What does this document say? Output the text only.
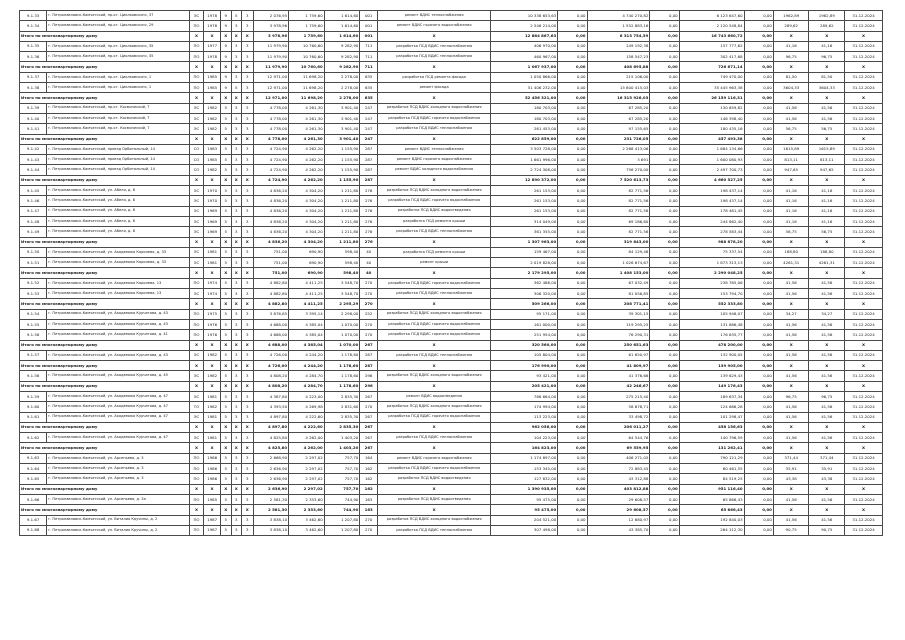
9.1.33	г. Петропавловск-Камчатский, пр-кт. Циолковского, 37	ЭС	1978	9	5	3	2 076,95	1 759,60	1 614,60	001	ремонт ВДИС теплоснабжения	10 338 653,63	0,00	4 740 270,82	0,00	6 123 647,60	0,00	1962,89	1962,89	31.12.2024
9.1.34	г. Петропавловск-Камчатский, пр-кт. Циолковского, 29	ПО	1978	9	3	3	3 978,96	1 759,60	1 614,60	001	ремонт ВДИС горячего водоснабжения	2 546 214,00	0,00	1 552 883,16	0,00	2 120 548,84	0,00	289,62	289,62	31.12.2024
Итого по многоквартирному дому		Х	Х	Х	Х	Х	3 978,96	1 759,60	1 614,60	001	Х	12 884 867,63	0,00	6 313 754,59	0,00	16 743 660,72	0,00	Х	Х	Х
9.1.35	г. Петропавловск-Камчатский, пр-кт. Циолковского, 35	ПО	1977	9	3	3	11 979,90	10 760,60	9 282,90	711	разработка ПСД ВДИС теплоснабжения	406 970,00	0,00	249 192,38	0,00	157 777,62	0,00	41,16	41,16	31.12.2024
9.1.36	г. Петропавловск-Камчатский, пр-кт. Циолковского, 35	ПО	1978	9	3	3	11 979,90	10 760,60	9 282,90	711	разработка ПСД ВДИС теплоснабжения	460 967,00	0,00	158 547,23	0,00	302 417,68	0,00	96,75	96,75	31.12.2024
Итого по многоквартирному дому		Х	Х	Х	Х	Х	11 979,90	10 760,60	9 282,90	711	Х	1 067 937,00	0,00	408 695,88	0,00	726 671,14	0,00	Х	Х	Х
9.1.37	г. Петропавловск-Камчатский, пр-кт. Циолковского, 1	ПО	1985	9	3	3	12 971,00	11 698,20	2 278,00	635	разработка ПСД ремонта фасада	1 050 866,00	0,00	215 106,00	0,00	749 470,00	0,00	81,50	81,50	31.12.2024
9.1.38	г. Петропавловск-Камчатский, пр-кт. Циолковского, 1	ПО	1985	9	5	3	12 971,00	11 698,20	2 278,00	635	ремонт фасада	51 406 232,00	0,00	15 800 415,03	0,00	35 445 963,38	0,00	3604,33	3604,33	31.12.2024
Итого по многоквартирному дому		Х	Х	Х	Х	Х	12 971,00	11 698,20	2 278,00	635	Х	52 456 321,00	0,00	16 315 926,03	0,00	26 159 116,31	0,00	Х	Х	Х
9.1.39	г. Петропавловск-Камчатский, пр-кт. Космический, 7	ЭС	1982	5	3	3	4 778,00	4 261,30	3 901,40	247	разработка ПСД ВДИС холодного водоснабжения	180 703,00	0,00	67 285,20	0,00	130 659,82	0,00	41,56	41,56	31.12.2024
9.1.40	г. Петропавловск-Камчатский, пр-кт. Космический, 7	ЭС	1982	5	3	3	4 778,00	4 261,30	3 901,40	247	разработка ПСД ВДИС горячего водоснабжения	180 703,00	0,00	67 285,20	0,00	146 398,40	0,00	41,56	41,56	31.12.2024
9.1.41	г. Петропавловск-Камчатский, пр-кт. Космический, 7	ЭС	1982	5	3	3	4 778,00	4 261,30	3 901,40	247	разработка ПСД ВДИС теплоснабжения	261 453,00	0,00	97 155,65	0,00	180 435,16	0,00	56,75	56,75	31.12.2024
Итого по многоквартирному дому		Х	Х	Х	Х	Х	4 778,00	4 261,30	3 901,40	247	Х	622 859,00	0,00	231 726,05	0,00	457 493,38	0,00	Х	Х	Х
9.1.42	г. Петропавловск-Камчатский, проезд Орбитальный, 14	СО	1983	5	3	3	4 724,90	4 262,20	1 155,90	287	ремонт ВДИС теплоснабжения	3 503 728,00	0,00	2 268 413,06	0,00	1 684 134,66	0,00	1615,89	1615,89	31.12.2024
9.1.43	г. Петропавловск-Камчатский, проезд Орбитальный, 14	СО	1985	5	3	3	4 724,90	4 262,20	1 155,90	287	ремонт ВДИС горячего водоснабжения	1 661 996,00	0,00	3 691	0,00	1 600 080,93	0,00	813,11	813,11	31.12.2024
9.1.44	г. Петропавловск-Камчатский, проезд Орбитальный, 14	СО	1982	5	3	3	4 724,90	4 262,20	1 155,90	287	ремонт ВДИС холодного водоснабжения	2 724 308,00	0,00	756 270,00	0,00	2 497 700,73	0,00	947,65	947,65	31.12.2024
Итого по многоквартирному дому		Х	Х	Х	Х	Х	4 724,90	4 262,20	1 155,90	287	Х	12 890 372,00	0,00	7 520 613,73	0,00	4 660 527,25	0,00	Х	Х	Х
9.1.45	г. Петропавловск-Камчатский, ул. Абеля, д. 8	ЭС	1970	5	3	3	4 836,20	4 304,20	1 211,80	276	разработка ПСД ВДИС холодного водоснабжения	261 153,00	0,00	82 771,56	0,00	198 437,14	0,00	41,16	41,16	31.12.2024
9.1.46	г. Петропавловск-Камчатский, ул. Абеля, д. 8	ЭС	1970	5	3	3	4 836,20	4 304,20	1 211,80	276	разработка ПСД ВДИС горячего водоснабжения	261 153,00	0,00	82 771,56	0,00	198 437,14	0,00	41,16	41,16	31.12.2024
9.1.47	г. Петропавловск-Камчатский, ул. Абеля, д. 8	ЭС	1969	5	3	3	4 836,20	4 304,20	1 211,80	276	разработка ПСД ВДИС водоотведения	261 153,00	0,00	82 771,56	0,00	178 481,45	0,00	41,16	41,16	31.12.2024
9.1.48	г. Петропавловск-Камчатский, ул. Абеля, д. 8	ЭС	1969	5	3	3	4 836,20	4 304,20	1 211,80	276	разработка ПСД ремонта крыши	314 049,00	0,00	69 186,60	0,00	244 862,40	0,00	41,16	41,16	31.12.2024
9.1.49	г. Петропавловск-Камчатский, ул. Абеля, д. 8	ЭС	1969	5	3	3	4 836,20	4 304,20	1 211,80	276	разработка ПСД ВДИС теплоснабжения	361 355,00	0,00	82 771,56	0,00	278 583,44	0,00	56,75	56,75	31.12.2024
Итого по многоквартирному дому		Х	Х	Х	Х	Х	4 836,20	4 304,20	1 211,80	276	Х	1 307 963,00	0,00	319 843,00	0,00	988 878,20	0,00	Х	Х	Х
9.1.50	г. Петропавловск-Камчатский, ул. Академика Королева, д. 33	ЭС	1981	5	3	3	751,00	690,90	598,40	40	разработка ПСД ремонта крыши	159 467,00	0,00	84 129,46	0,00	75 337,54	0,00	188,80	188,80	31.12.2024
9.1.51	г. Петропавловск-Камчатский, ул. Академика Королева, д. 33	ЭС	1981	5	3	3	751,00	690,90	598,40	40	ремонт крыши	2 019 828,00	0,00	1 026 674,67	0,00	1 873 313,13	0,00	4261,31	4261,31	31.12.2024
Итого по многоквартирному дому		Х	Х	Х	Х	Х	751,00	690,90	598,40	40	Х	2 179 295,00	0,00	1 408 153,00	0,00	2 290 048,25	0,00	Х	Х	Х
9.1.52	г. Петропавловск-Камчатский, ул. Академика Королева, 13	ПО	1974	5	3	3	4 882,80	4 411,25	3 548,70	270	разработка ПСД ВДИС горячего водоснабжения	362 486,00	0,00	67 032,49	0,00	238 765,06	0,00	41,56	41,56	31.12.2024
9.1.53	г. Петропавловск-Камчатский, ул. Академика Королева, 13	ЭС	1974	5	3	3	4 882,80	4 411,25	3 548,70	270	разработка ПСД ВДИС теплоснабжения	306 320,00	0,00	81 056,85	0,00	153 794,70	0,00	41,56	41,56	31.12.2024
Итого по многоквартирному дому		Х	Х	Х	Х	Х	4 882,80	4 411,25	2 295,29	270	Х	509 266,00	0,00	208 771,41	0,00	552 333,80	0,00	Х	Х	Х
9.1.54	г. Петропавловск-Камчатский, ул. Академика Курчатова, д. 43	ПО	1975	5	3	3	3 876,85	3 395,14	2 298,00	252	разработка ПСД ВДИС холодного водоснабжения	95 171,00	0,00	39 301,15	0,00	105 946,07	0,00	34,27	34,27	31.12.2024
9.1.55	г. Петропавловск-Камчатский, ул. Академика Курчатова, д. 43	ПО	1976	5	3	3	4 688,00	4 385,04	1 070,00	270	разработка ПСД ВДИС горячего водоснабжения	161 000,00	0,00	119 295,25	0,00	131 886,48	0,00	41,56	41,56	31.12.2024
9.1.56	г. Петропавловск-Камчатский, ул. Академика Курчатова, д. 41	ПО	1976	5	3	3	4 688,00	4 385,04	1 070,00	270	разработка ПСД ВДИС горячего водоснабжения	251 954,00	0,00	76 290,31	0,00	176 635,77	0,00	41,56	41,56	31.12.2024
Итого по многоквартирному дому		Х	Х	Х	Х	Х	4 688,00	4 385,04	1 070,00	267	Х	320 560,00	0,00	250 651,63	0,00	478 200,00	0,00	Х	Х	Х
9.1.57	г. Петропавловск-Камчатский, ул. Академика Курчатова, д. 43	ЭС	1982	5	3	3	4 726,00	4 244,20	1 178,60	287	разработка ПСД ВДИС теплоснабжения	105 804,00	0,00	61 650,97	0,00	132 900,05	0,00	41,56	41,56	31.12.2024
Итого по многоквартирному дому		Х	Х	Х	Х	Х	4 726,00	4 244,20	1 178,60	287	Х	176 990,00	0,00	41 809,97	0,00	139 905,00	0,00	Х	Х	Х
9.1.58	г. Петропавловск-Камчатский, ул. Академика Курчатова, д. 45	ЭС	1982	5	3	3	4 808,20	4 284,70	1 178,60	296	разработка ПСД ВДИС холодного водоснабжения	93 421,00	0,00	41 376,66	0,00	139 629,43	0,00	41,56	41,56	31.12.2024
Итого по многоквартирному дому		Х	Х	Х	Х	Х	4 808,20	4 284,70	1 178,60	296	Х	205 421,00	0,00	42 246,67	0,00	149 176,43	0,00	Х	Х	Х
9.1.59	г. Петропавловск-Камчатский, ул. Академика Курчатова, д. 47	ЭС	1981	5	3	3	4 387,80	4 223,00	2 835,30	267	ремонт ВДИС водоотведения	786 664,00	0,00	275 215,40	0,00	189 637,34	0,00	96,75	96,75	31.12.2024
9.1.60	г. Петропавловск-Камчатский, ул. Академика Курчатова, д. 47	ТО	1982	5	3	3	4 393,50	4 269,98	2 831,60	270	разработка ПСД ВДИС холодного водоснабжения	174 994,00	0,00	58 678,71	0,00	124 686,28	0,00	41,56	41,56	31.12.2024
9.1.61	г. Петропавловск-Камчатский, ул. Академика Курчатова, д. 47	ЭС	1981	5	3	3	4 897,80	4 222,60	2 835,30	267	разработка ПСД ВДИС горячего водоснабжения	113 223,00	0,00	33 498,72	0,00	101 298,47	0,00	41,56	41,56	31.12.2024
Итого по многоквартирному дому		Х	Х	Х	Х	Х	4 897,80	4 222,60	2 835,30	267	Х	962 056,00	0,00	206 011,27	0,00	458 156,63	0,00	Х	Х	Х
9.1.62	г. Петропавловск-Камчатский, ул. Академика Курчатова, д. 47	ЭС	1981	5	3	3	4 825,80	4 262,00	1 403,20	267	разработка ПСД ВДИС теплоснабжения	104 223,00	0,00	64 544,76	0,00	140 796,59	0,00	41,56	41,56	31.12.2024
Итого по многоквартирному дому		Х	Х	Х	Х	Х	4 825,80	4 262,00	1 403,20	267	Х	164 823,00	0,00	69 559,95	0,00	131 262,41	0,00	Х	Х	Х
9.1.63	г. Петропавловск-Камчатский, ул. Арсеньева, д. 3	ПО	1986	5	3	3	2 668,90	2 297,02	757,70	164	ремонт ВДИС горячего водоснабжения	1 174 897,00	0,00	406 271,05	0,00	790 121,29	0,00	371,44	371,44	31.12.2024
9.1.64	г. Петропавловск-Камчатский, ул. Арсеньева, д. 3	ПО	1986	5	3	3	2 636,90	2 297,02	757,70	162	разработка ПСД ВДИС горячего водоснабжения	153 345,00	0,00	72 883,45	0,00	80 461,55	0,00	35,91	35,91	31.12.2024
9.1.65	г. Петропавловск-Камчатский, ул. Арсеньева, д. 3	ПО	1986	5	3	3	2 636,90	2 297,02	757,70	162	разработка ПСД ВДИС водоотведения	127 832,00	0,00	43 312,88	0,00	84 519,25	0,00	43,38	43,38	31.12.2024
Итого по многоквартирному дому		Х	Х	Х	Х	Х	2 636,90	2 297,02	757,70	162	Х	1 390 935,00	0,00	403 812,88	0,00	951 116,40	0,00	Х	Х	Х
9.1.66	г. Петропавловск-Камчатский, ул. Арсеньева, д. 3а	ПО	1985	5	3	3	2 581,30	2 353,60	744,90	163	разработка ПСД ВДИС водоотведения	95 475,00	0,00	29 608,57	0,00	65 866,43	0,00	41,56	41,56	31.12.2024
Итого по многоквартирному дому		Х	Х	Х	Х	Х	2 581,30	2 353,60	744,90	163	Х	95 475,00	0,00	29 608,57	0,00	65 866,43	0,00	Х	Х	Х
9.1.67	г. Петропавловск-Камчатский, ул. Виталия Кручины, д. 2	ПО	1987	5	3	3	3 838,10	3 462,60	1 207,80	270	разработка ПСД ВДИС холодного водоснабжения	204 521,00	0,00	12 680,97	0,00	192 840,03	0,00	41,56	41,56	31.12.2024
9.1.68	г. Петропавловск-Камчатский, ул. Виталия Кручины, д. 2	ПО	1987	5	3	3	3 838,10	3 462,60	1 207,80	270	разработка ПСД ВДИС теплоснабжения	307 498,00	0,00	43 385,70	0,00	264 112,30	0,00	90,75	90,75	31.12.2024
